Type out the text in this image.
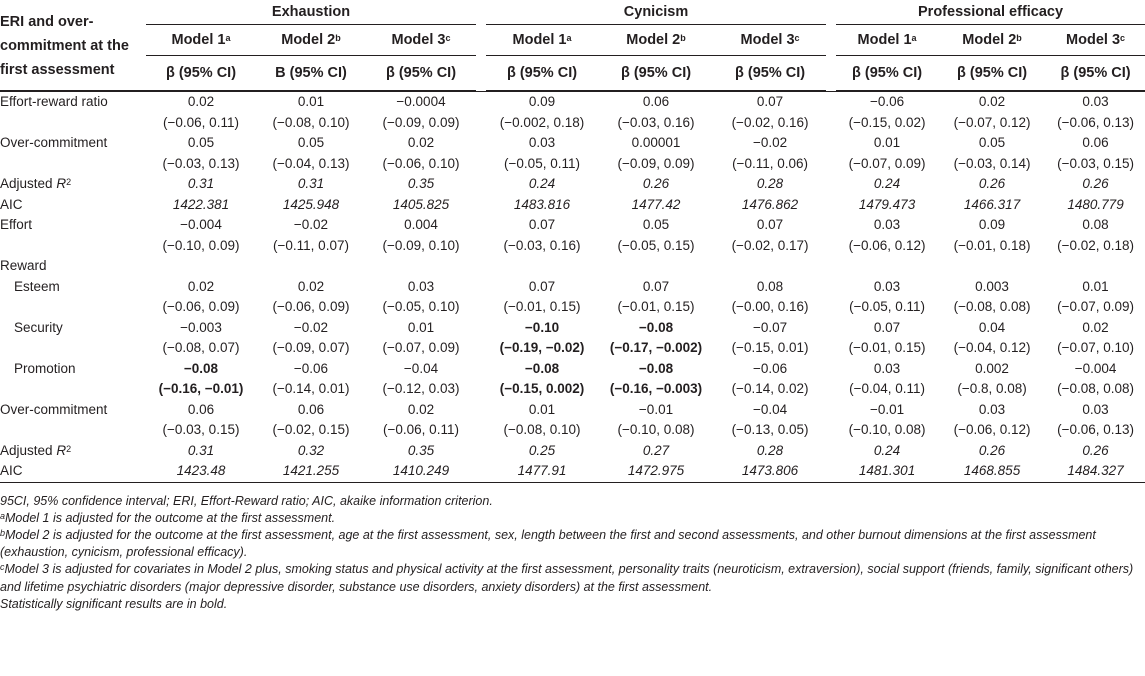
ERI and over-commitment at the first assessment	Exhaustion				Cynicism				Professional efficacy		
	Model 1$^a$	Model 2$^b$	Model 3$^c$		Model 1$^a$	Model 2$^b$	Model 3$^c$		Model 1$^a$	Model 2$^b$	Model 3$^c$
	β (95% CI)	B (95% CI)	β (95% CI)		β (95% CI)	β (95% CI)	β (95% CI)		β (95% CI)	β (95% CI)	β (95% CI)
Effort-reward ratio	0.02	0.01	−0.0004		0.09	0.06	0.07		−0.06	0.02	0.03
	(−0.06, 0.11)	(−0.08, 0.10)	(−0.09, 0.09)		(−0.002, 0.18)	(−0.03, 0.16)	(−0.02, 0.16)		(−0.15, 0.02)	(−0.07, 0.12)	(−0.06, 0.13)
Over-commitment	0.05	0.05	0.02		0.03	0.00001	−0.02		0.01	0.05	0.06
	(−0.03, 0.13)	(−0.04, 0.13)	(−0.06, 0.10)		(−0.05, 0.11)	(−0.09, 0.09)	(−0.11, 0.06)		(−0.07, 0.09)	(−0.03, 0.14)	(−0.03, 0.15)
Adjusted $R^2$	0.31	0.31	0.35		0.24	0.26	0.28		0.24	0.26	0.26
AIC	1422.381	1425.948	1405.825		1483.816	1477.42	1476.862		1479.473	1466.317	1480.779
Effort	−0.004	−0.02	0.004		0.07	0.05	0.07		0.03	0.09	0.08
	(−0.10, 0.09)	(−0.11, 0.07)	(−0.09, 0.10)		(−0.03, 0.16)	(−0.05, 0.15)	(−0.02, 0.17)		(−0.06, 0.12)	(−0.01, 0.18)	(−0.02, 0.18)
Reward											
Esteem	0.02	0.02	0.03		0.07	0.07	0.08		0.03	0.003	0.01
	(−0.06, 0.09)	(−0.06, 0.09)	(−0.05, 0.10)		(−0.01, 0.15)	(−0.01, 0.15)	(−0.00, 0.16)		(−0.05, 0.11)	(−0.08, 0.08)	(−0.07, 0.09)
Security	−0.003	−0.02	0.01		−0.10	−0.08	−0.07		0.07	0.04	0.02
	(−0.08, 0.07)	(−0.09, 0.07)	(−0.07, 0.09)		(−0.19, −0.02)	(−0.17, −0.002)	(−0.15, 0.01)		(−0.01, 0.15)	(−0.04, 0.12)	(−0.07, 0.10)
Promotion	−0.08	−0.06	−0.04		−0.08	−0.08	−0.06		0.03	0.002	−0.004
	(−0.16, −0.01)	(−0.14, 0.01)	(−0.12, 0.03)		(−0.15, 0.002)	(−0.16, −0.003)	(−0.14, 0.02)		(−0.04, 0.11)	(−0.8, 0.08)	(−0.08, 0.08)
Over-commitment	0.06	0.06	0.02		0.01	−0.01	−0.04		−0.01	0.03	0.03
	(−0.03, 0.15)	(−0.02, 0.15)	(−0.06, 0.11)		(−0.08, 0.10)	(−0.10, 0.08)	(−0.13, 0.05)		(−0.10, 0.08)	(−0.06, 0.12)	(−0.06, 0.13)
Adjusted $R^2$	0.31	0.32	0.35		0.25	0.27	0.28		0.24	0.26	0.26
AIC	1423.48	1421.255	1410.249		1477.91	1472.975	1473.806		1481.301	1468.855	1484.327
95CI, 95% confidence interval; ERI, Effort-Reward ratio; AIC, akaike information criterion.
$^a$Model 1 is adjusted for the outcome at the first assessment.
$^b$Model 2 is adjusted for the outcome at the first assessment, age at the first assessment, sex, length between the first and second assessments, and other burnout dimensions at the first assessment (exhaustion, cynicism, professional efficacy).
$^c$Model 3 is adjusted for covariates in Model 2 plus, smoking status and physical activity at the first assessment, personality traits (neuroticism, extraversion), social support (friends, family, significant others) and lifetime psychiatric disorders (major depressive disorder, substance use disorders, anxiety disorders) at the first assessment.
Statistically significant results are in bold.
